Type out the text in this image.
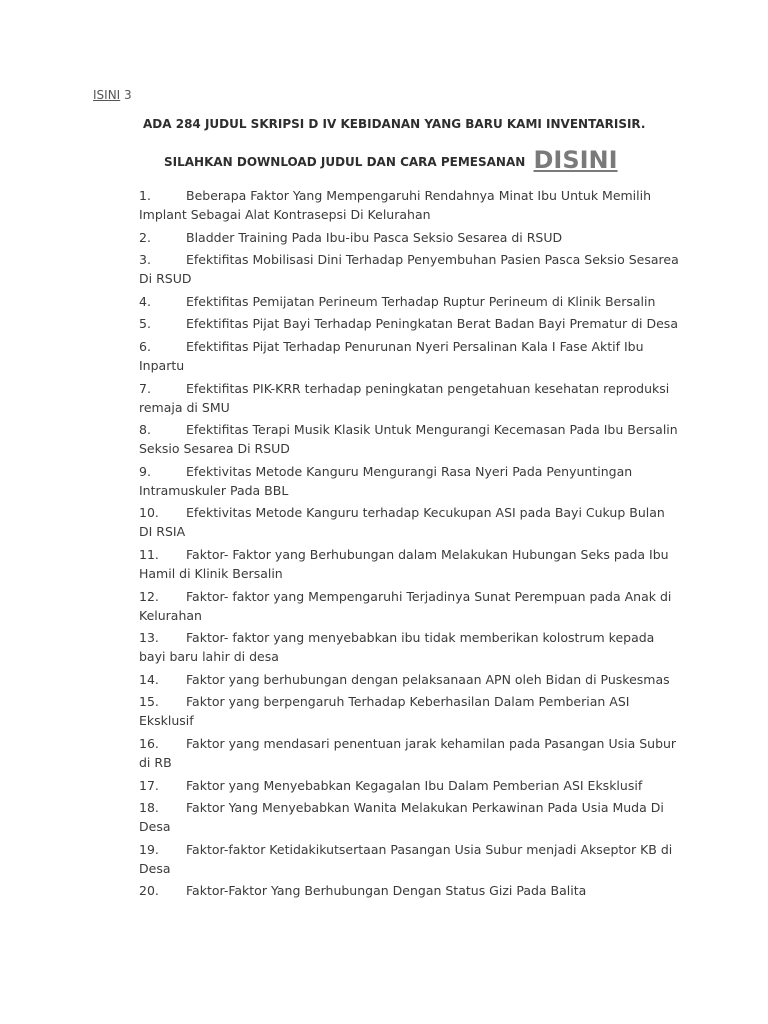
ISINI 3
ADA 284 JUDUL SKRIPSI D IV KEBIDANAN YANG BARU KAMI INVENTARISIR.
SILAHKAN DOWNLOAD JUDUL DAN CARA PEMESANAN DISINI
1.	Beberapa Faktor Yang Mempengaruhi Rendahnya Minat Ibu Untuk Memilih Implant Sebagai Alat Kontrasepsi Di Kelurahan
2.	Bladder Training Pada Ibu-ibu Pasca Seksio Sesarea di RSUD
3.	Efektifitas Mobilisasi Dini Terhadap Penyembuhan Pasien Pasca Seksio Sesarea Di RSUD
4.	Efektifitas Pemijatan Perineum Terhadap Ruptur Perineum di Klinik Bersalin
5.	Efektifitas Pijat Bayi Terhadap Peningkatan Berat Badan Bayi Prematur di Desa
6.	Efektifitas Pijat Terhadap Penurunan Nyeri Persalinan Kala I Fase Aktif Ibu Inpartu
7.	Efektifitas PIK-KRR terhadap peningkatan pengetahuan kesehatan reproduksi remaja di SMU
8.	Efektifitas Terapi Musik Klasik Untuk Mengurangi Kecemasan Pada Ibu Bersalin Seksio Sesarea Di RSUD
9.	Efektivitas Metode Kanguru Mengurangi Rasa Nyeri Pada Penyuntingan Intramuskuler Pada BBL
10. Efektivitas Metode Kanguru terhadap Kecukupan ASI pada Bayi Cukup Bulan DI RSIA
11. Faktor- Faktor yang Berhubungan dalam Melakukan Hubungan Seks pada Ibu Hamil di Klinik Bersalin
12. Faktor- faktor yang Mempengaruhi Terjadinya Sunat Perempuan pada Anak di Kelurahan
13. Faktor- faktor yang menyebabkan ibu tidak memberikan kolostrum kepada bayi baru lahir di desa
14. Faktor yang berhubungan dengan pelaksanaan APN oleh Bidan di Puskesmas
15. Faktor yang berpengaruh Terhadap Keberhasilan Dalam Pemberian ASI Eksklusif
16. Faktor yang mendasari penentuan jarak kehamilan pada Pasangan Usia Subur di RB
17. Faktor yang Menyebabkan Kegagalan Ibu Dalam Pemberian ASI Eksklusif
18. Faktor Yang Menyebabkan Wanita Melakukan Perkawinan Pada Usia Muda Di Desa
19. Faktor-faktor Ketidakikutsertaan Pasangan Usia Subur menjadi Akseptor KB di Desa
20. Faktor-Faktor Yang Berhubungan Dengan Status Gizi Pada Balita
